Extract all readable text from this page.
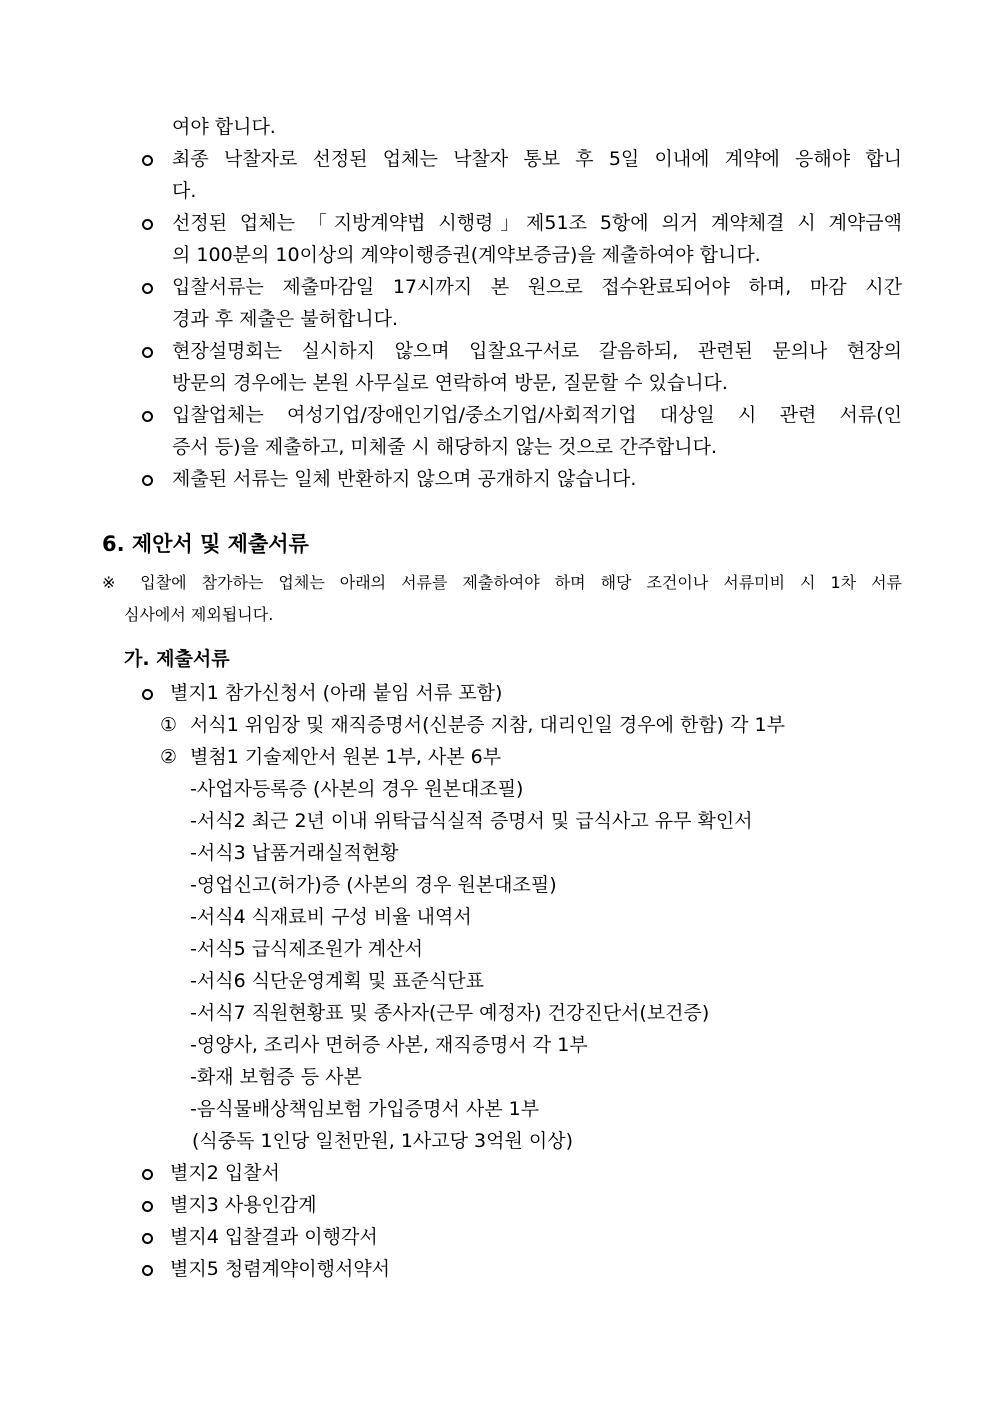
여야 합니다.
최종 낙찰자로 선정된 업체는 낙찰자 통보 후 5일 이내에 계약에 응해야 합니
다.
선정된 업체는 「지방계약법 시행령」제51조 5항에 의거 계약체결 시 계약금액
의 100분의 10이상의 계약이행증권(계약보증금)을 제출하여야 합니다.
입찰서류는 제출마감일 17시까지 본 원으로 접수완료되어야 하며, 마감 시간
경과 후 제출은 불허합니다.
현장설명회는 실시하지 않으며 입찰요구서로 갈음하되, 관련된 문의나 현장의
방문의 경우에는 본원 사무실로 연락하여 방문, 질문할 수 있습니다.
입찰업체는 여성기업/장애인기업/중소기업/사회적기업 대상일 시 관련 서류(인
증서 등)을 제출하고, 미체줄 시 해당하지 않는 것으로 간주합니다.
제출된 서류는 일체 반환하지 않으며 공개하지 않습니다.
6. 제안서 및 제출서류
※ 입찰에 참가하는 업체는 아래의 서류를 제출하여야 하며 해당 조건이나 서류미비 시 1차 서류
심사에서 제외됩니다.
가. 제출서류
별지1 참가신청서 (아래 붙임 서류 포함)
① 서식1 위임장 및 재직증명서(신분증 지참, 대리인일 경우에 한함) 각 1부
② 별첨1 기술제안서 원본 1부, 사본 6부
-사업자등록증 (사본의 경우 원본대조필)
-서식2 최근 2년 이내 위탁급식실적 증명서 및 급식사고 유무 확인서
-서식3 납품거래실적현황
-영업신고(허가)증 (사본의 경우 원본대조필)
-서식4 식재료비 구성 비율 내역서
-서식5 급식제조원가 계산서
-서식6 식단운영계획 및 표준식단표
-서식7 직원현황표 및 종사자(근무 예정자) 건강진단서(보건증)
-영양사, 조리사 면허증 사본, 재직증명서 각 1부
-화재 보험증 등 사본
-음식물배상책임보험 가입증명서 사본 1부
(식중독 1인당 일천만원, 1사고당 3억원 이상)
별지2 입찰서
별지3 사용인감계
별지4 입찰결과 이행각서
별지5 청렴계약이행서약서
